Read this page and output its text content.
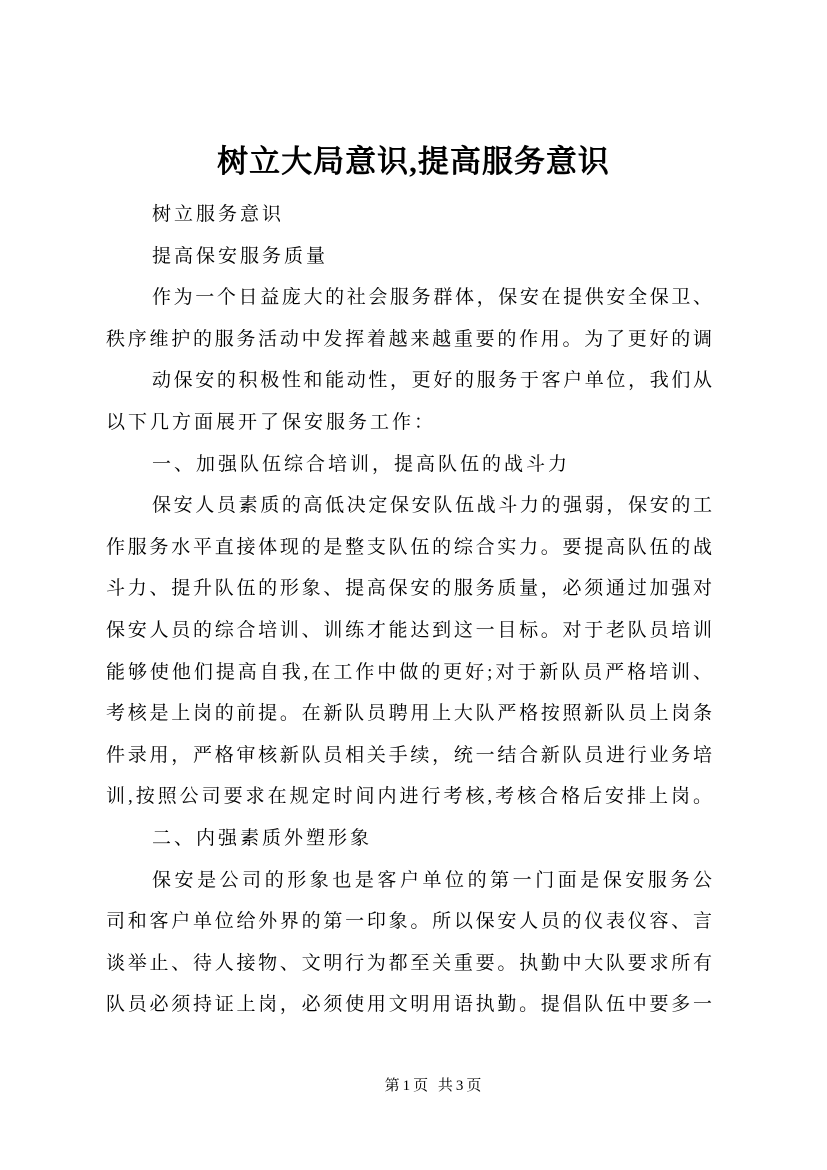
树立大局意识,提高服务意识
树立服务意识
提高保安服务质量
作为一个日益庞大的社会服务群体，保安在提供安全保卫、
秩序维护的服务活动中发挥着越来越重要的作用。为了更好的调
动保安的积极性和能动性，更好的服务于客户单位，我们从
以下几方面展开了保安服务工作：
一、加强队伍综合培训，提高队伍的战斗力
保安人员素质的高低决定保安队伍战斗力的强弱，保安的工
作服务水平直接体现的是整支队伍的综合实力。要提高队伍的战
斗力、提升队伍的形象、提高保安的服务质量，必须通过加强对
保安人员的综合培训、训练才能达到这一目标。对于老队员培训
能够使他们提高自我,在工作中做的更好;对于新队员严格培训、
考核是上岗的前提。在新队员聘用上大队严格按照新队员上岗条
件录用，严格审核新队员相关手续，统一结合新队员进行业务培
训,按照公司要求在规定时间内进行考核,考核合格后安排上岗。
二、内强素质外塑形象
保安是公司的形象也是客户单位的第一门面是保安服务公
司和客户单位给外界的第一印象。所以保安人员的仪表仪容、言
谈举止、待人接物、文明行为都至关重要。执勤中大队要求所有
队员必须持证上岗，必须使用文明用语执勤。提倡队伍中要多一
第1页 共3页
